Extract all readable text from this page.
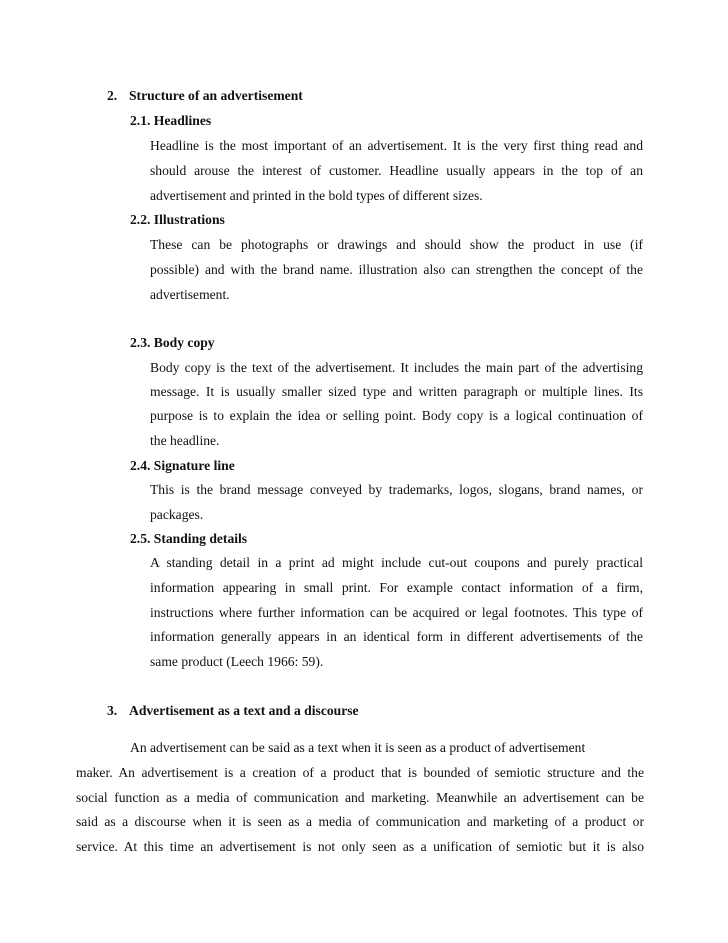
2. Structure of an advertisement
2.1. Headlines
Headline is the most important of an advertisement. It is the very first thing read and
should arouse the interest of customer. Headline usually appears in the top of an
advertisement and printed in the bold types of different sizes.
2.2. Illustrations
These can be photographs or drawings and should show the product in use (if
possible) and with the brand name. illustration also can strengthen the concept of the
advertisement.
2.3. Body copy
Body copy is the text of the advertisement. It includes the main part of the advertising
message. It is usually smaller sized type and written paragraph or multiple lines. Its
purpose is to explain the idea or selling point. Body copy is a logical continuation of
the headline.
2.4. Signature line
This is the brand message conveyed by trademarks, logos, slogans, brand names, or
packages.
2.5. Standing details
A standing detail in a print ad might include cut-out coupons and purely practical
information appearing in small print. For example contact information of a firm,
instructions where further information can be acquired or legal footnotes. This type of
information generally appears in an identical form in different advertisements of the
same product (Leech 1966: 59).
3. Advertisement as a text and a discourse
An advertisement can be said as a text when it is seen as a product of advertisement
maker. An advertisement is a creation of a product that is bounded of semiotic structure and the
social function as a media of communication and marketing. Meanwhile an advertisement can be
said as a discourse when it is seen as a media of communication and marketing of a product or
service. At this time an advertisement is not only seen as a unification of semiotic but it is also
